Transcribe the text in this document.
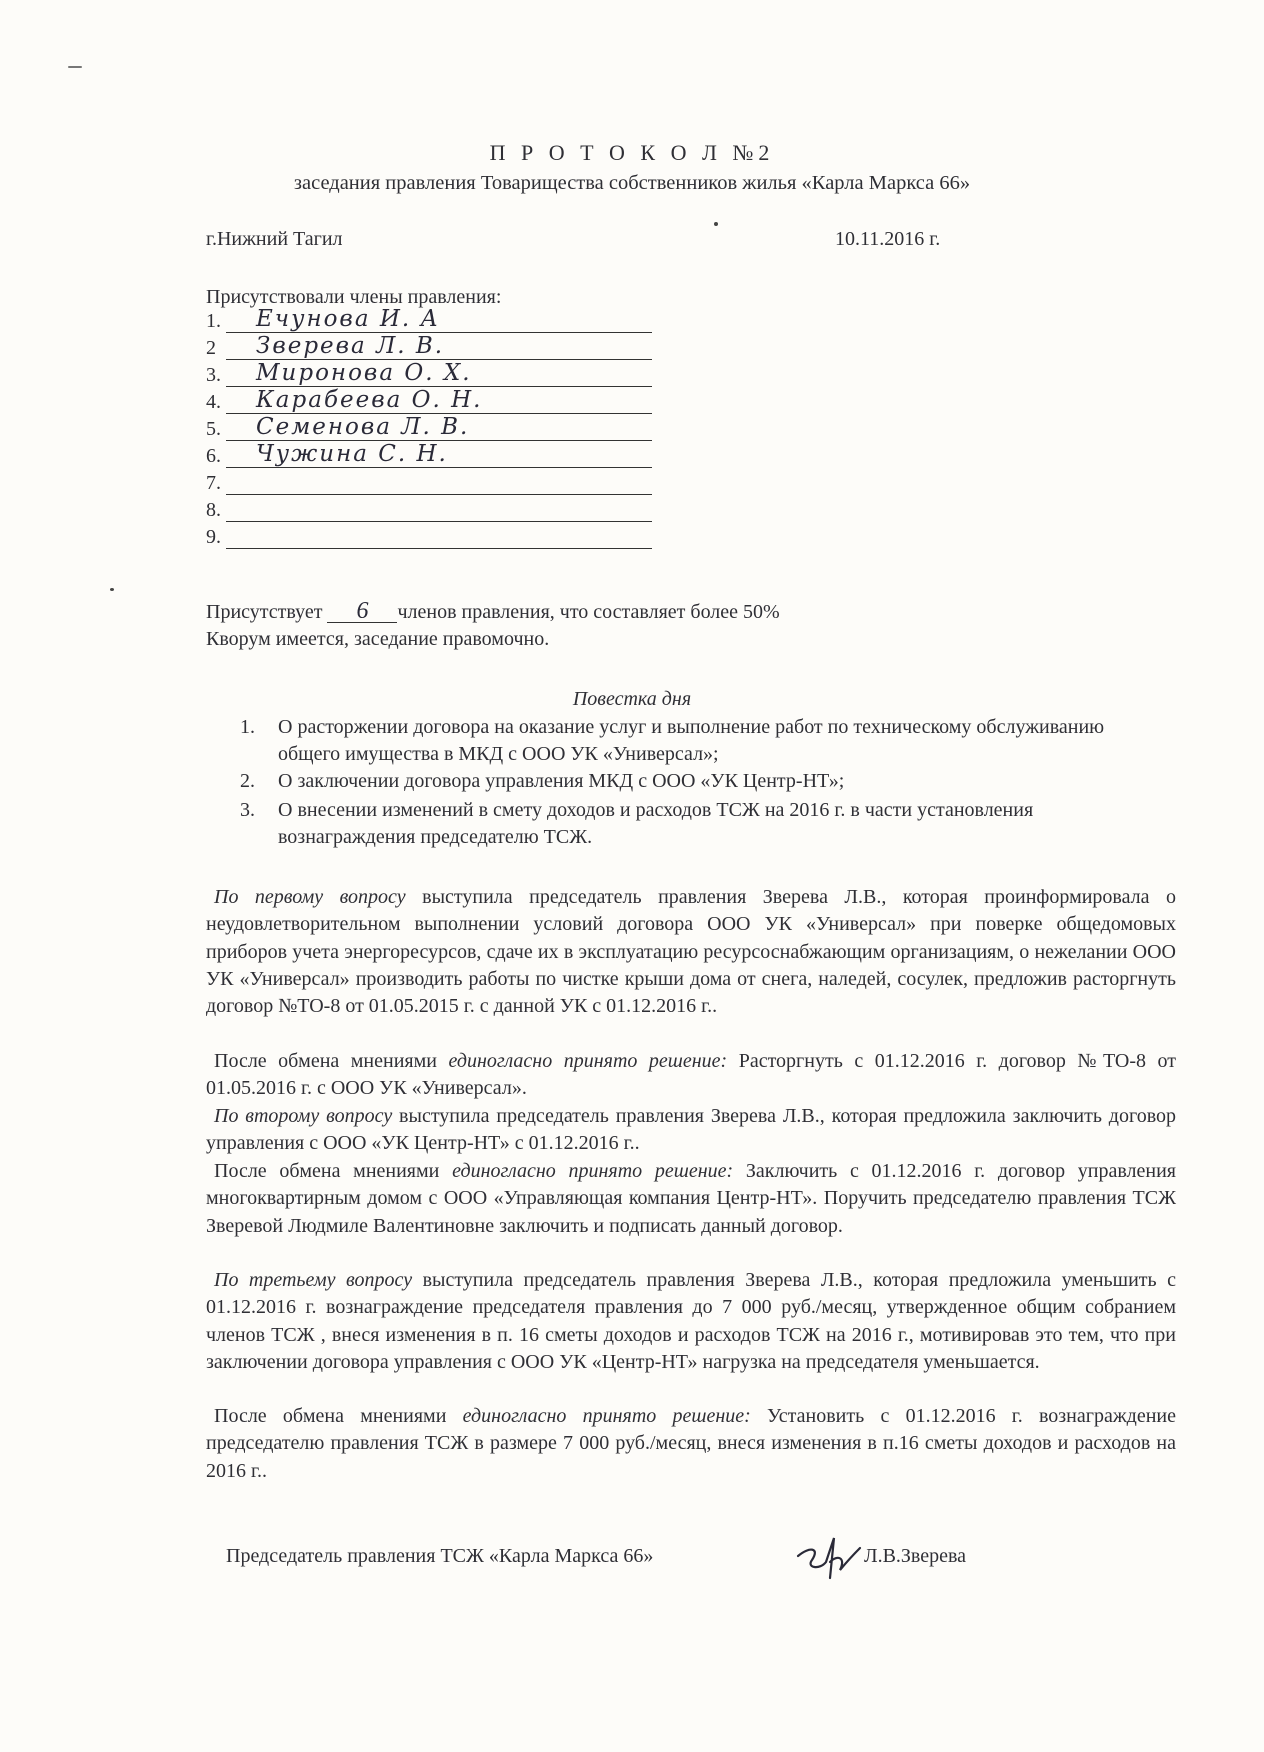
П Р О Т О К О Л №2
заседания правления Товарищества собственников жилья «Карла Маркса 66»
г.Нижний Тагил	10.11.2016 г.
Присутствовали члены правления:
1. Ечунова И. А
2 Зверева Л. В.
3. Миронова О. Х.
4. Карабеева О. Н.
5. Семенова Л. В.
6. Чужина С. Н.
7.
8.
9.
Присутствует 6 членов правления, что составляет более 50%
Кворум имеется, заседание правомочно.
Повестка дня
1. О расторжении договора на оказание услуг и выполнение работ по техническому обслуживанию общего имущества в МКД с ООО УК «Универсал»;
2. О заключении договора управления МКД с ООО «УК Центр-НТ»;
3. О внесении изменений в смету доходов и расходов ТСЖ на 2016 г. в части установления вознаграждения председателю ТСЖ.
По первому вопросу выступила председатель правления Зверева Л.В., которая проинформировала о неудовлетворительном выполнении условий договора ООО УК «Универсал» при поверке общедомовых приборов учета энергоресурсов, сдаче их в эксплуатацию ресурсоснабжающим организациям, о нежелании ООО УК «Универсал» производить работы по чистке крыши дома от снега, наледей, сосулек, предложив расторгнуть договор №ТО-8 от 01.05.2015 г. с данной УК с 01.12.2016 г..
После обмена мнениями единогласно принято решение: Расторгнуть с 01.12.2016 г. договор №ТО-8 от 01.05.2016 г. с ООО УК «Универсал».
По второму вопросу выступила председатель правления Зверева Л.В., которая предложила заключить договор управления с ООО «УК Центр-НТ» с 01.12.2016 г..
После обмена мнениями единогласно принято решение: Заключить с 01.12.2016 г. договор управления многоквартирным домом с ООО «Управляющая компания Центр-НТ». Поручить председателю правления ТСЖ Зверевой Людмиле Валентиновне заключить и подписать данный договор.
По третьему вопросу выступила председатель правления Зверева Л.В., которая предложила уменьшить с 01.12.2016 г. вознаграждение председателя правления до 7 000 руб./месяц, утвержденное общим собранием членов ТСЖ , внеся изменения в п. 16 сметы доходов и расходов ТСЖ на 2016 г., мотивировав это тем, что при заключении договора управления с ООО УК «Центр-НТ» нагрузка на председателя уменьшается.
После обмена мнениями единогласно принято решение: Установить с 01.12.2016 г. вознаграждение председателю правления ТСЖ в размере 7 000 руб./месяц, внеся изменения в п.16 сметы доходов и расходов на 2016 г..
Председатель правления ТСЖ «Карла Маркса 66»	Л.В.Зверева
